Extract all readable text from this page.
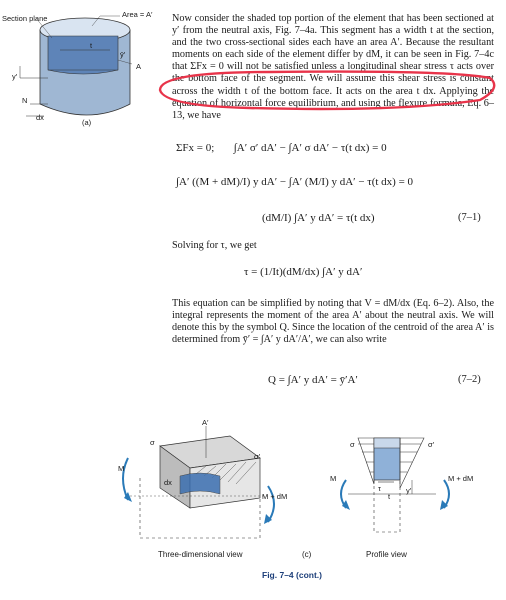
Section plane	Area = A′
t
ȳ′
A
y′
N
dx
(a)
Now consider the shaded top portion of the element that has been sectioned at y′ from the neutral axis, Fig. 7–4a. This segment has a width t at the section, and the two cross-sectional sides each have an area A′. Because the resultant moments on each side of the element differ by dM, it can be seen in Fig. 7–4c that ΣFx = 0 will not be satisfied unless a longitudinal shear stress τ acts over the bottom face of the segment. We will assume this shear stress is constant across the width t of the bottom face. It acts on the area t dx. Applying the equation of horizontal force equilibrium, and using the flexure formula, Eq. 6–13, we have
ΣFx = 0; ∫A′ σ′ dA′ − ∫A′ σ dA′ − τ(t dx) = 0
∫A′ ((M + dM)/I) y dA′ − ∫A′ (M/I) y dA′ − τ(t dx) = 0
(dM/I) ∫A′ y dA′ = τ(t dx)	(7–1)
Solving for τ, we get
τ = (1/It)(dM/dx) ∫A′ y dA′
This equation can be simplified by noting that V = dM/dx (Eq. 6–2). Also, the integral represents the moment of the area A′ about the neutral axis. We will denote this by the symbol Q. Since the location of the centroid of the area A′ is determined from ȳ′ = ∫A′ y dA′/A′, we can also write
Q = ∫A′ y dA′ = ȳ′A′	(7–2)
A′
σ
σ′
M
dx
M + dM
Three-dimensional view	(c)
σ	σ′
M
τ
t
y′
M + dM
Profile view
Fig. 7–4 (cont.)
